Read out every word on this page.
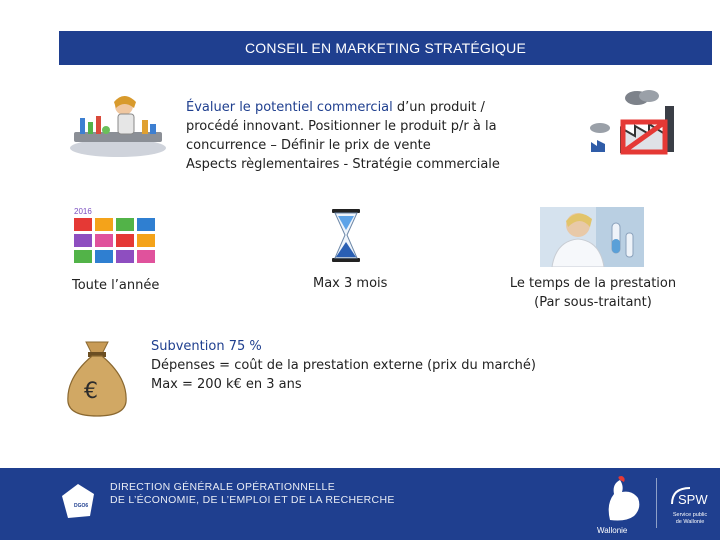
CONSEIL EN MARKETING STRATÉGIQUE
Évaluer le potentiel commercial d’un produit /
procédé innovant. Positionner le produit p/r à la
concurrence – Définir le prix de vente
Aspects règlementaires - Stratégie commerciale
2016
Toute l’année	Max 3 mois	Le temps de la prestation
(Par sous-traitant)
€
Subvention 75 %
Dépenses = coût de la prestation externe (prix du marché)
Max = 200 k€ en 3 ans
DGO6
DIRECTION GÉNÉRALE OPÉRATIONNELLE
DE L’ÉCONOMIE, DE L’EMPLOI ET DE LA RECHERCHE
Wallonie
SPW
Service public
de Wallonie
